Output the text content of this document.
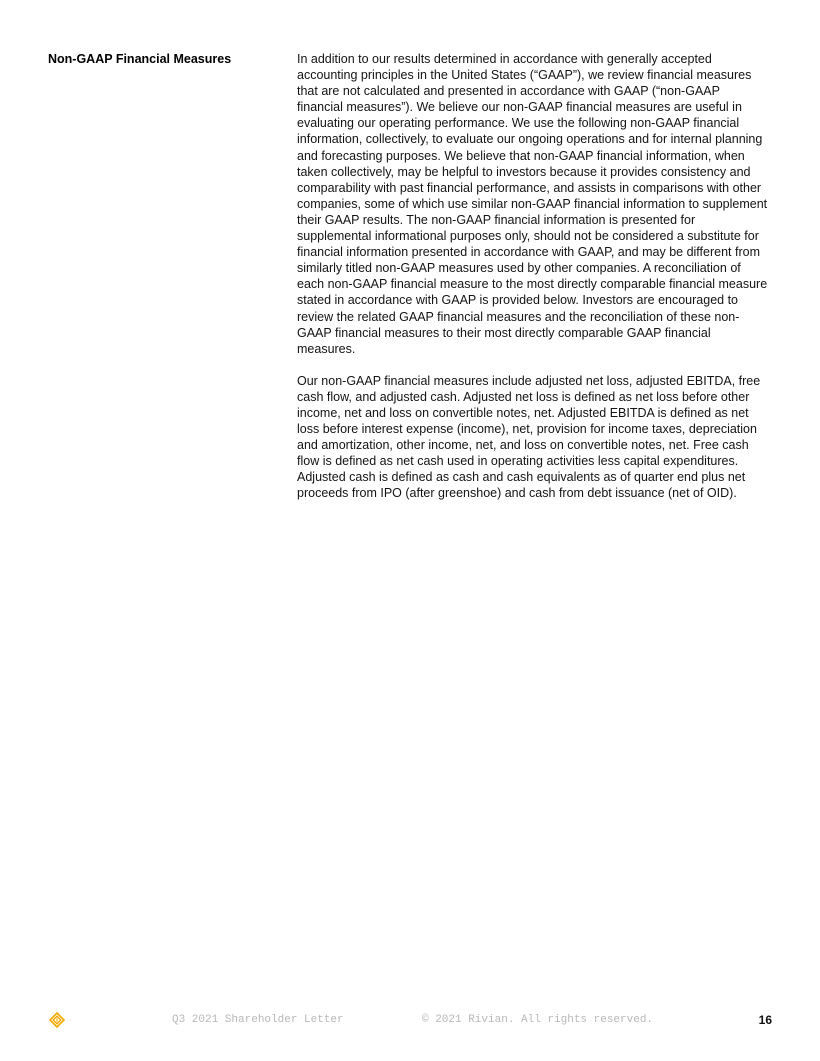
Non-GAAP Financial Measures	In addition to our results determined in accordance with generally accepted accounting principles in the United States (“GAAP”), we review financial measures that are not calculated and presented in accordance with GAAP (“non-GAAP financial measures”). We believe our non-GAAP financial measures are useful in evaluating our operating performance. We use the following non-GAAP financial information, collectively, to evaluate our ongoing operations and for internal planning and forecasting purposes. We believe that non-GAAP financial information, when taken collectively, may be helpful to investors because it provides consistency and comparability with past financial performance, and assists in comparisons with other companies, some of which use similar non-GAAP financial information to supplement their GAAP results. The non-GAAP financial information is presented for supplemental informational purposes only, should not be considered a substitute for financial information presented in accordance with GAAP, and may be different from similarly titled non-GAAP measures used by other companies. A reconciliation of each non-GAAP financial measure to the most directly comparable financial measure stated in accordance with GAAP is provided below. Investors are encouraged to review the related GAAP financial measures and the reconciliation of these non-GAAP financial measures to their most directly comparable GAAP financial measures.

Our non-GAAP financial measures include adjusted net loss, adjusted EBITDA, free cash flow, and adjusted cash. Adjusted net loss is defined as net loss before other income, net and loss on convertible notes, net. Adjusted EBITDA is defined as net loss before interest expense (income), net, provision for income taxes, depreciation and amortization, other income, net, and loss on convertible notes, net. Free cash flow is defined as net cash used in operating activities less capital expenditures. Adjusted cash is defined as cash and cash equivalents as of quarter end plus net proceeds from IPO (after greenshoe) and cash from debt issuance (net of OID).

Q3 2021 Shareholder Letter	© 2021 Rivian. All rights reserved.	16
